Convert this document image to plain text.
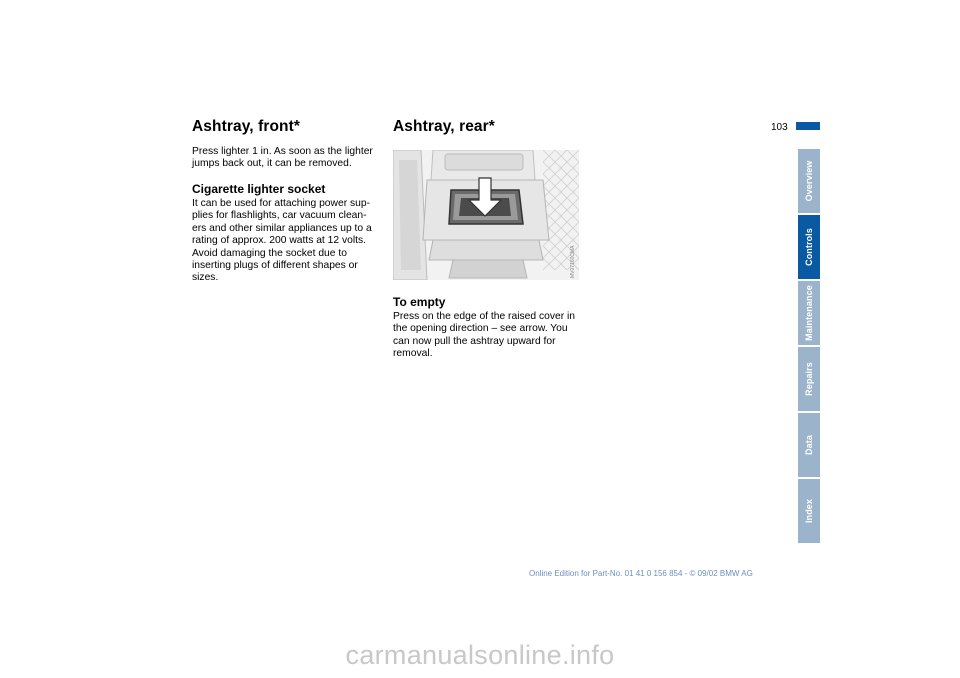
Ashtray, front*

Press lighter 1 in. As soon as the lighter
jumps back out, it can be removed.

Cigarette lighter socket

It can be used for attaching power sup-
plies for flashlights, car vacuum clean-
ers and other similar appliances up to a
rating of approx. 200 watts at 12 volts.
Avoid damaging the socket due to
inserting plugs of different shapes or
sizes.

Ashtray, rear*
MV07160CMA
To empty

Press on the edge of the raised cover in
the opening direction – see arrow. You
can now pull the ashtray upward for
removal.

103
Overview
Controls
Maintenance
Repairs
Data
Index
Online Edition for Part-No. 01 41 0 156 854 - © 09/02 BMW AG
carmanualsonline.info
